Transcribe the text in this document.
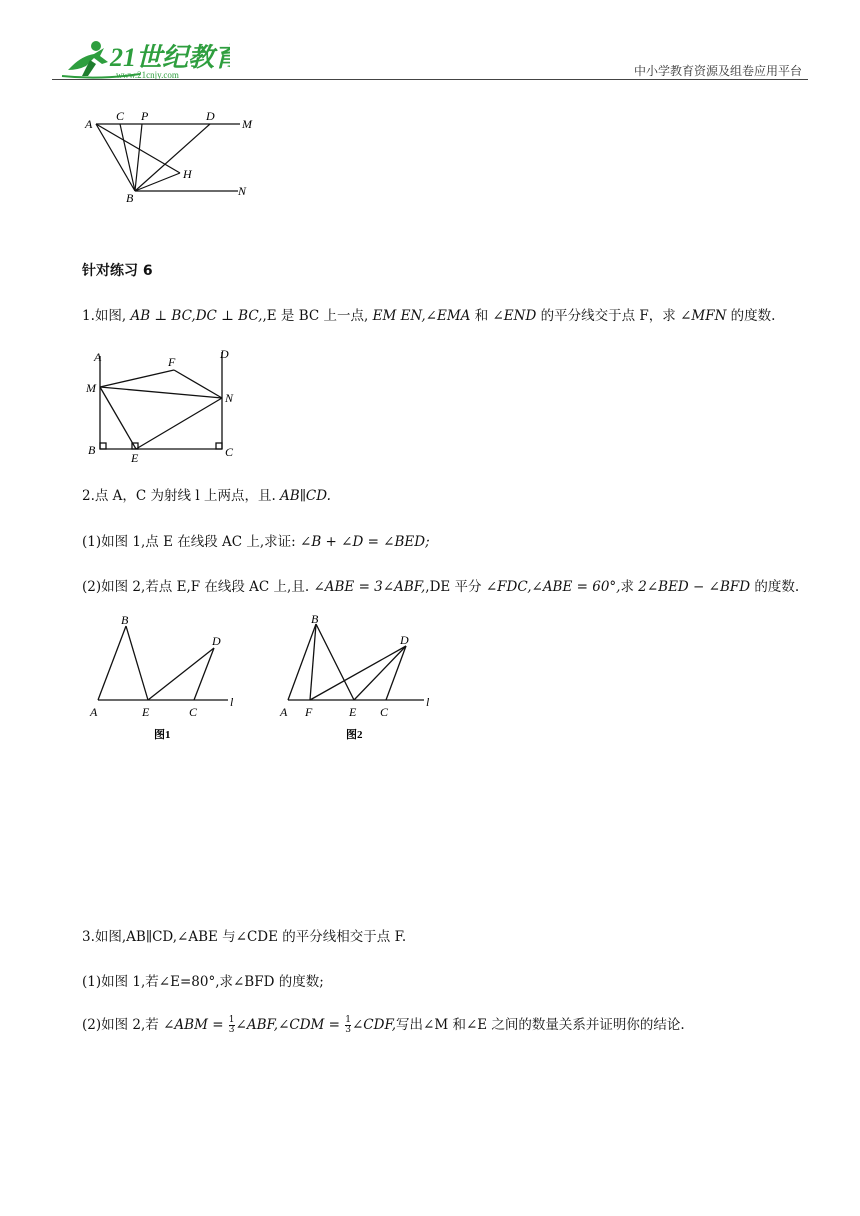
21世纪教育
www.21cnjy.com	中小学教育资源及组卷应用平台
A
C P	D
M
H
B	N
针对练习 6
1.如图, AB ⊥ BC,DC ⊥ BC,,E 是 BC 上一点, EM EN,∠EMA 和 ∠END 的平分线交于点 F，求 ∠MFN 的度数.
A	F
D
M
N
B
E	C
2.点 A，C 为射线 l 上两点，且. AB∥CD.
(1)如图 1,点 E 在线段 AC 上,求证: ∠B + ∠D = ∠BED;
(2)如图 2,若点 E,F 在线段 AC 上,且. ∠ABE = 3∠ABF,,DE 平分 ∠FDC,∠ABE = 60°,求 2∠BED − ∠BFD 的度数.
B
D
A	E	C
l
图1
B
D
A F	E C
l
图2
3.如图,AB∥CD,∠ABE 与∠CDE 的平分线相交于点 F.
(1)如图 1,若∠E=80°,求∠BFD 的度数;
(2)如图 2,若 ∠ABM = $\frac{1}{3}$ ∠ABF,∠CDM = $\frac{1}{3}$ ∠CDF,写出∠M 和∠E 之间的数量关系并证明你的结论.
